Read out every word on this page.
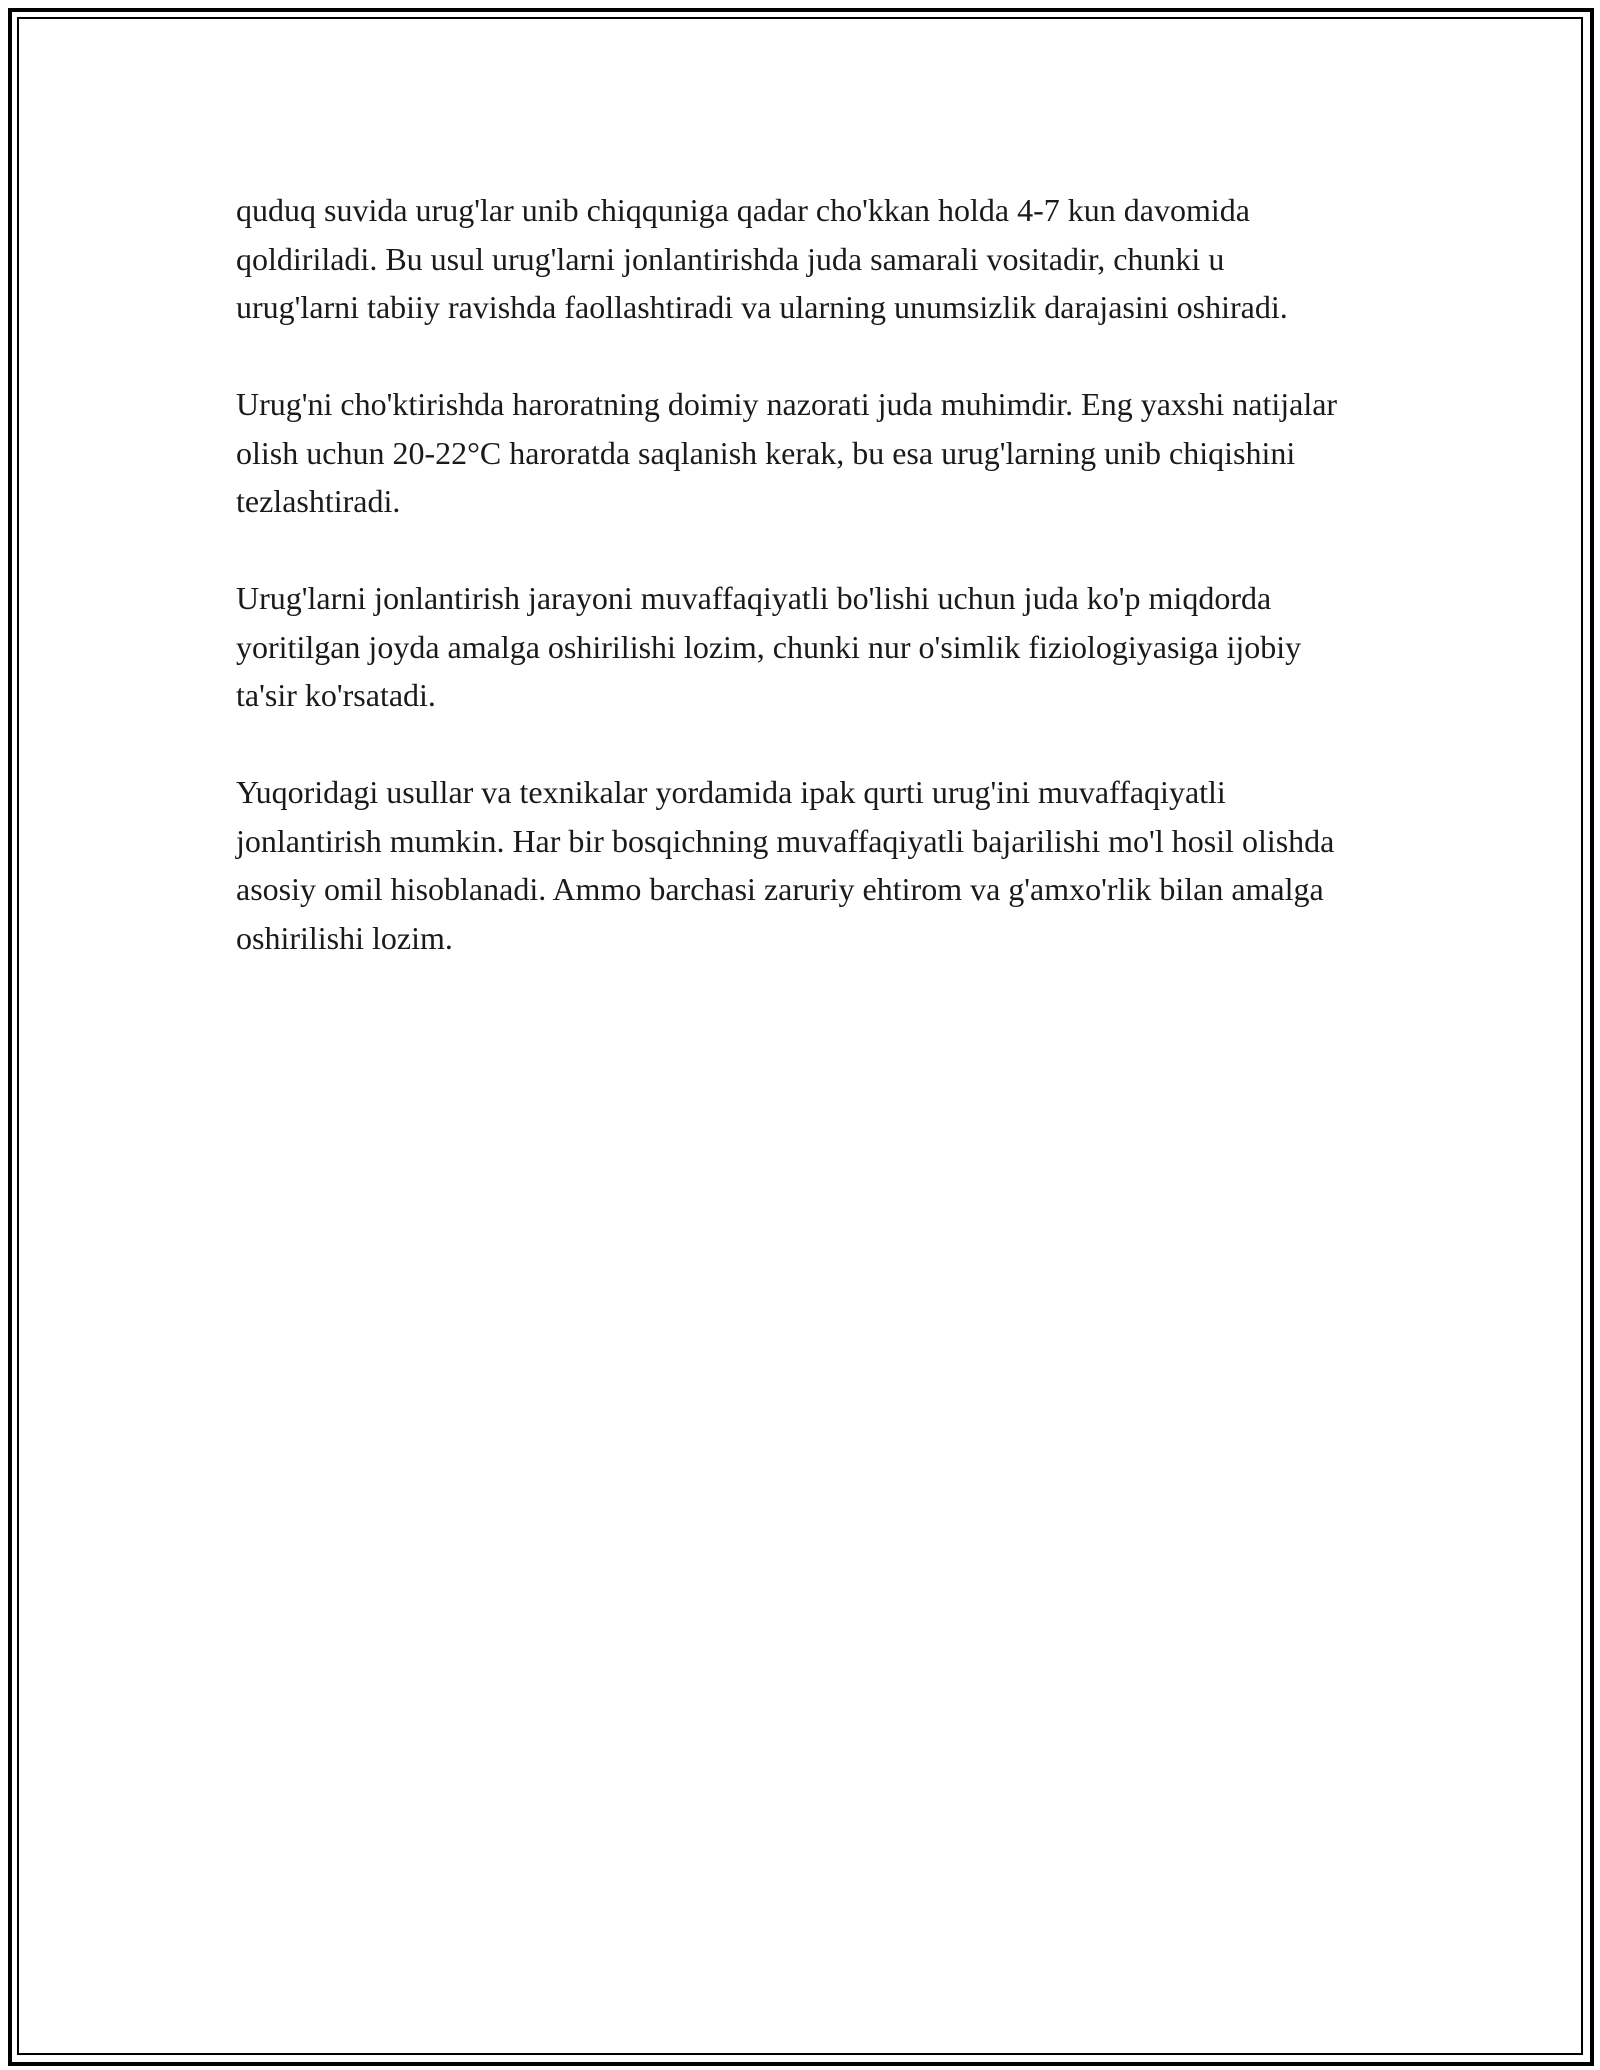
quduq suvida urug'lar unib chiqquniga qadar cho'kkan holda 4-7 kun davomida qoldiriladi. Bu usul urug'larni jonlantirishda juda samarali vositadir, chunki u urug'larni tabiiy ravishda faollashtiradi va ularning unumsizlik darajasini oshiradi.

Urug'ni cho'ktirishda haroratning doimiy nazorati juda muhimdir. Eng yaxshi natijalar olish uchun 20-22°C haroratda saqlanish kerak, bu esa urug'larning unib chiqishini tezlashtiradi.

Urug'larni jonlantirish jarayoni muvaffaqiyatli bo'lishi uchun juda ko'p miqdorda yoritilgan joyda amalga oshirilishi lozim, chunki nur o'simlik fiziologiyasiga ijobiy ta'sir ko'rsatadi.

Yuqoridagi usullar va texnikalar yordamida ipak qurti urug'ini muvaffaqiyatli jonlantirish mumkin. Har bir bosqichning muvaffaqiyatli bajarilishi mo'l hosil olishda asosiy omil hisoblanadi. Ammo barchasi zaruriy ehtirom va g'amxo'rlik bilan amalga oshirilishi lozim.
